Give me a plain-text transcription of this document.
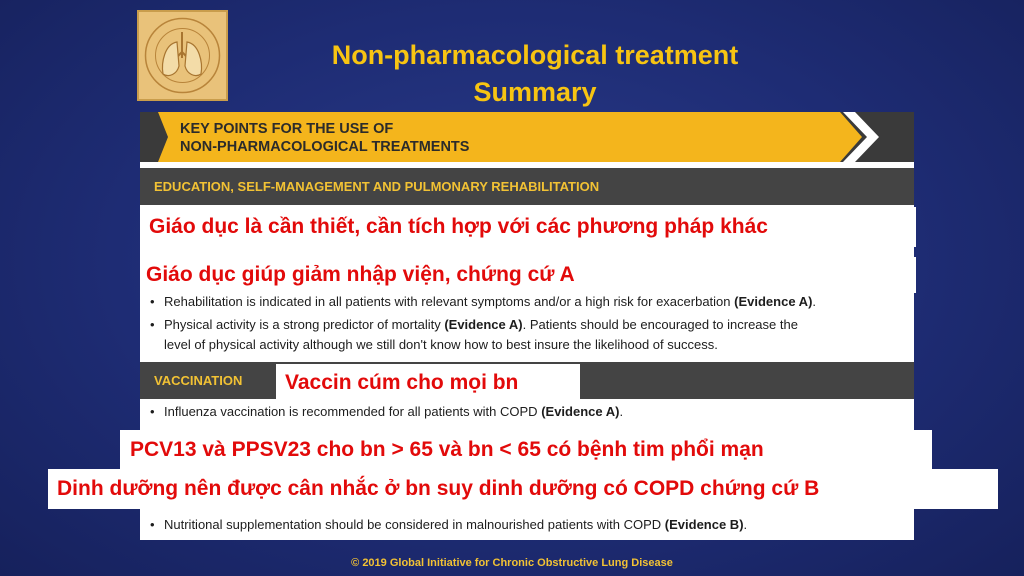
Non-pharmacological treatment
Summary
KEY POINTS FOR THE USE OF
NON-PHARMACOLOGICAL TREATMENTS
EDUCATION, SELF-MANAGEMENT AND PULMONARY REHABILITATION
• Rehabilitation is indicated in all patients with relevant symptoms and/or a high risk for exacerbation (Evidence A).
• Physical activity is a strong predictor of mortality (Evidence A). Patients should be encouraged to increase the
level of physical activity although we still don't know how to best insure the likelihood of success.
VACCINATION
• Influenza vaccination is recommended for all patients with COPD (Evidence A).
• Nutritional supplementation should be considered in malnourished patients with COPD (Evidence B).
Giáo dục là cần thiết, cần tích hợp với các phương pháp khác
Giáo dục giúp giảm nhập viện, chứng cứ A
Vaccin cúm cho mọi bn
PCV13 và PPSV23 cho bn > 65 và bn < 65 có bệnh tim phổi mạn
Dinh dưỡng nên được cân nhắc ở bn suy dinh dưỡng có COPD chứng cứ B
© 2019 Global Initiative for Chronic Obstructive Lung Disease
